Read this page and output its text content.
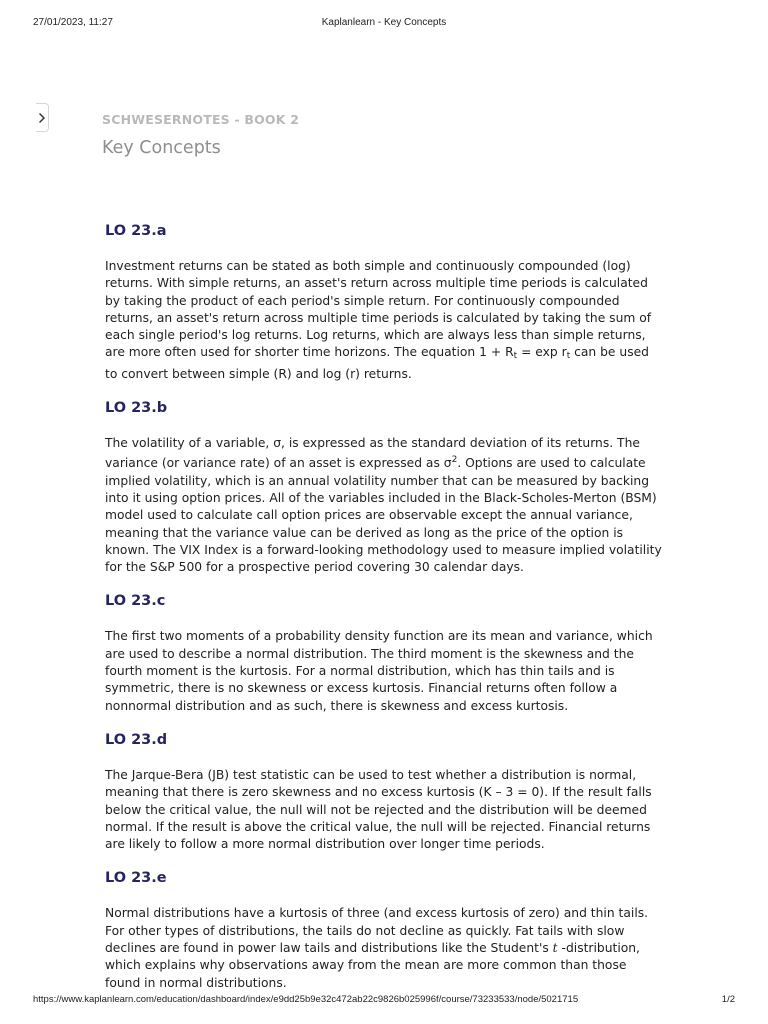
27/01/2023, 11:27	Kaplanlearn - Key Concepts
SCHWESERNOTES - BOOK 2
Key Concepts
LO 23.a

Investment returns can be stated as both simple and continuously compounded (log) returns. With simple returns, an asset's return across multiple time periods is calculated by taking the product of each period's simple return. For continuously compounded returns, an asset's return across multiple time periods is calculated by taking the sum of each single period's log returns. Log returns, which are always less than simple returns, are more often used for shorter time horizons. The equation $1 + R_t = \exp r_t$ can be used to convert between simple (R) and log (r) returns.

LO 23.b

The volatility of a variable, σ, is expressed as the standard deviation of its returns. The variance (or variance rate) of an asset is expressed as $\sigma^2$. Options are used to calculate implied volatility, which is an annual volatility number that can be measured by backing into it using option prices. All of the variables included in the Black-Scholes-Merton (BSM) model used to calculate call option prices are observable except the annual variance, meaning that the variance value can be derived as long as the price of the option is known. The VIX Index is a forward-looking methodology used to measure implied volatility for the S&P 500 for a prospective period covering 30 calendar days.

LO 23.c

The first two moments of a probability density function are its mean and variance, which are used to describe a normal distribution. The third moment is the skewness and the fourth moment is the kurtosis. For a normal distribution, which has thin tails and is symmetric, there is no skewness or excess kurtosis. Financial returns often follow a nonnormal distribution and as such, there is skewness and excess kurtosis.

LO 23.d

The Jarque-Bera (JB) test statistic can be used to test whether a distribution is normal, meaning that there is zero skewness and no excess kurtosis (K – 3 = 0). If the result falls below the critical value, the null will not be rejected and the distribution will be deemed normal. If the result is above the critical value, the null will be rejected. Financial returns are likely to follow a more normal distribution over longer time periods.

LO 23.e

Normal distributions have a kurtosis of three (and excess kurtosis of zero) and thin tails. For other types of distributions, the tails do not decline as quickly. Fat tails with slow declines are found in power law tails and distributions like the Student's t -distribution, which explains why observations away from the mean are more common than those found in normal distributions.

https://www.kaplanlearn.com/education/dashboard/index/e9dd25b9e32c472ab22c9826b025996f/course/73233533/node/5021715	1/2
